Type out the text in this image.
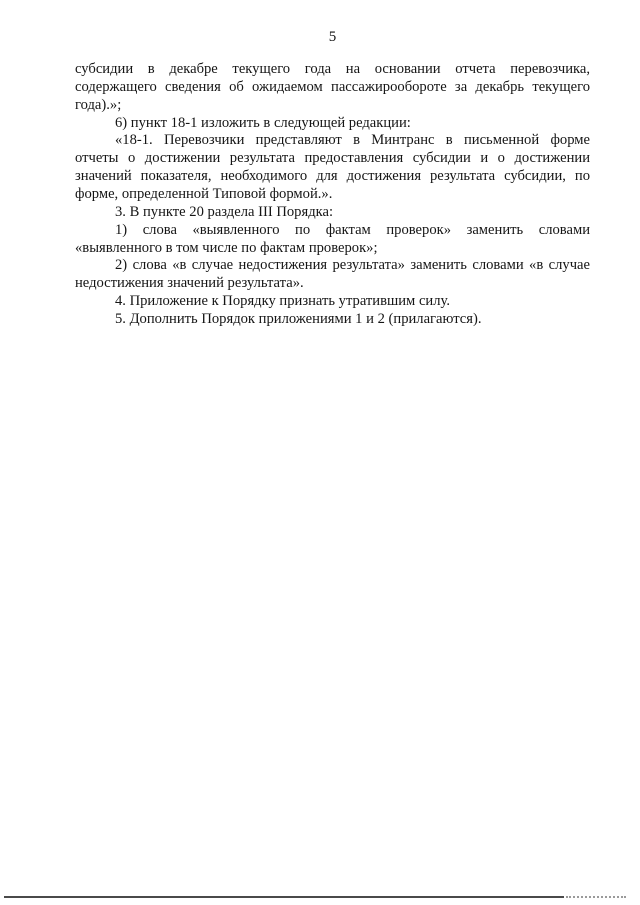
5
субсидии в декабре текущего года на основании отчета перевозчика,
содержащего сведения об ожидаемом пассажирообороте за декабрь текущего
года).»;
6) пункт 18-1 изложить в следующей редакции:
«18-1. Перевозчики представляют в Минтранс в письменной форме
отчеты о достижении результата предоставления субсидии и о достижении
значений показателя, необходимого для достижения результата субсидии, по
форме, определенной Типовой формой.».
3. В пункте 20 раздела III Порядка:
1) слова «выявленного по фактам проверок» заменить словами
«выявленного в том числе по фактам проверок»;
2) слова «в случае недостижения результата» заменить словами «в случае
недостижения значений результата».
4. Приложение к Порядку признать утратившим силу.
5. Дополнить Порядок приложениями 1 и 2 (прилагаются).
